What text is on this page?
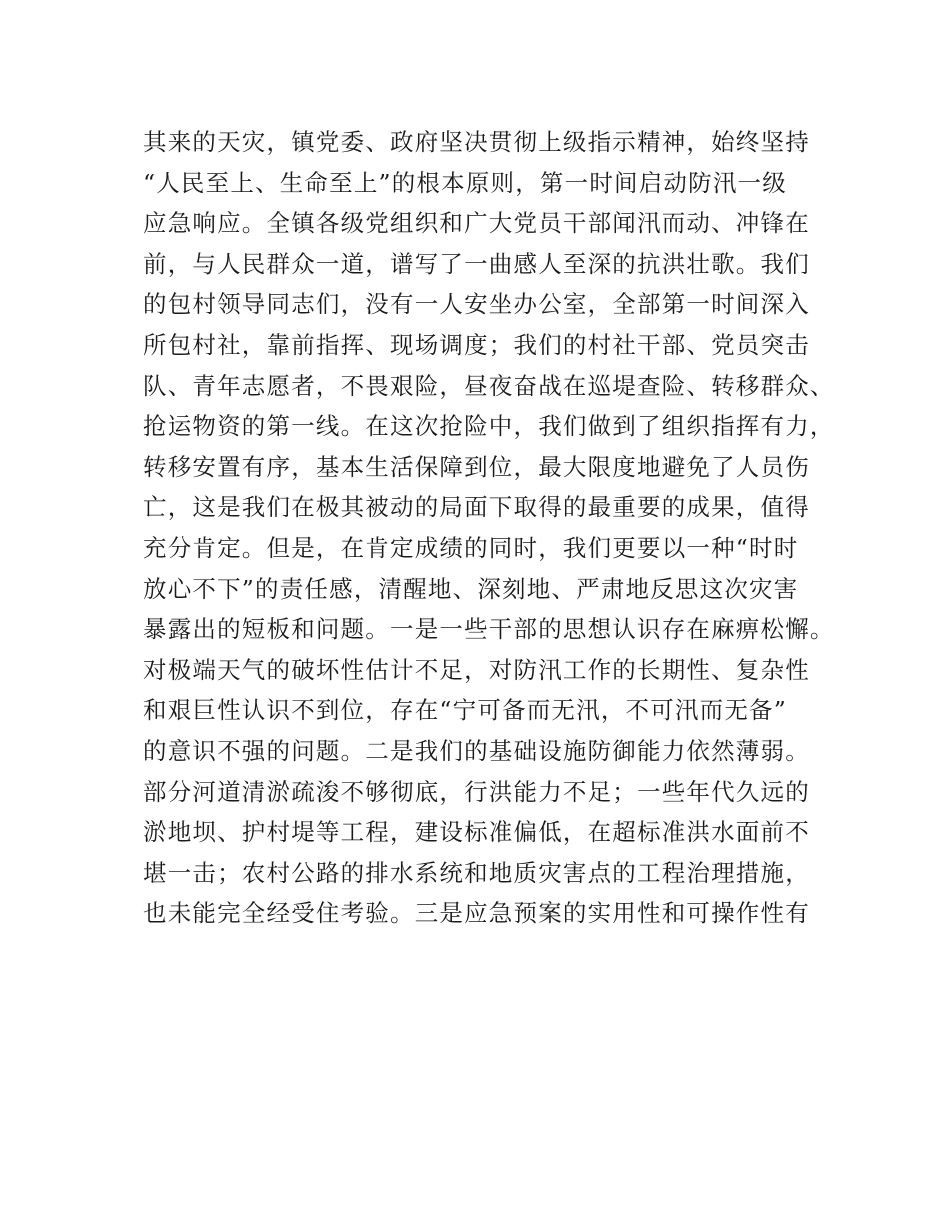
其来的天灾，镇党委、政府坚决贯彻上级指示精神，始终坚持
“人民至上、生命至上”的根本原则，第一时间启动防汛一级
应急响应。全镇各级党组织和广大党员干部闻汛而动、冲锋在
前，与人民群众一道，谱写了一曲感人至深的抗洪壮歌。我们
的包村领导同志们，没有一人安坐办公室，全部第一时间深入
所包村社，靠前指挥、现场调度；我们的村社干部、党员突击
队、青年志愿者，不畏艰险，昼夜奋战在巡堤查险、转移群众、
抢运物资的第一线。在这次抢险中，我们做到了组织指挥有力，
转移安置有序，基本生活保障到位，最大限度地避免了人员伤
亡，这是我们在极其被动的局面下取得的最重要的成果，值得
充分肯定。但是，在肯定成绩的同时，我们更要以一种“时时
放心不下”的责任感，清醒地、深刻地、严肃地反思这次灾害
暴露出的短板和问题。一是一些干部的思想认识存在麻痹松懈。
对极端天气的破坏性估计不足，对防汛工作的长期性、复杂性
和艰巨性认识不到位，存在“宁可备而无汛，不可汛而无备”
的意识不强的问题。二是我们的基础设施防御能力依然薄弱。
部分河道清淤疏浚不够彻底，行洪能力不足；一些年代久远的
淤地坝、护村堤等工程，建设标准偏低，在超标准洪水面前不
堪一击；农村公路的排水系统和地质灾害点的工程治理措施，
也未能完全经受住考验。三是应急预案的实用性和可操作性有
